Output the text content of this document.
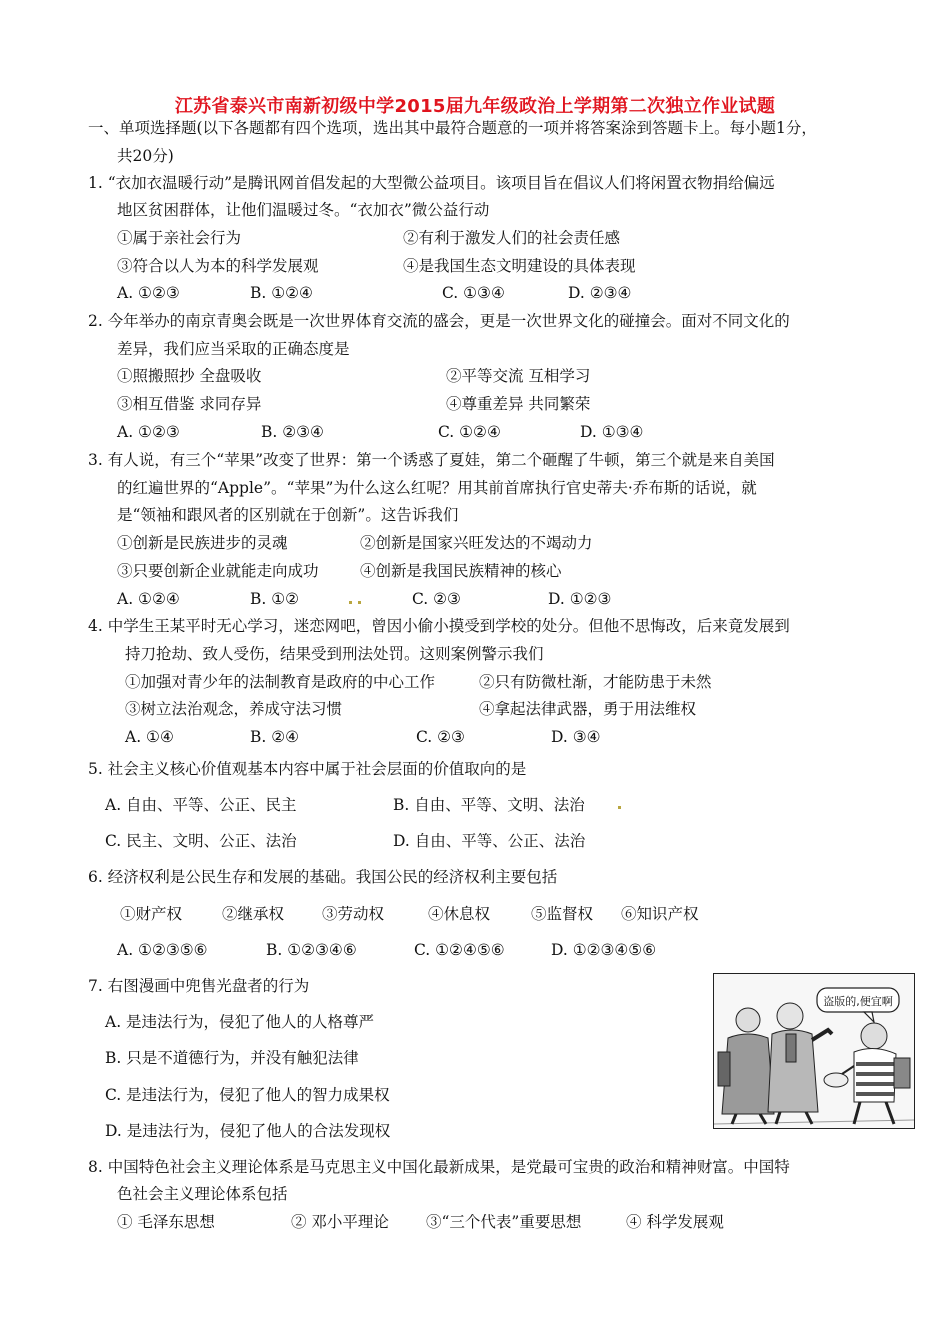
江苏省泰兴市南新初级中学2015届九年级政治上学期第二次独立作业试题
一、单项选择题(以下各题都有四个选项，选出其中最符合题意的一项并将答案涂到答题卡上。每小题1分，
共20分)
1. “衣加衣温暖行动”是腾讯网首倡发起的大型微公益项目。该项目旨在倡议人们将闲置衣物捐给偏远
地区贫困群体，让他们温暖过冬。“衣加衣”微公益行动
①属于亲社会行为	②有利于激发人们的社会责任感
③符合以人为本的科学发展观	④是我国生态文明建设的具体表现
A. ①②③	B. ①②④	C. ①③④	D. ②③④
2. 今年举办的南京青奥会既是一次世界体育交流的盛会，更是一次世界文化的碰撞会。面对不同文化的
差异，我们应当采取的正确态度是
①照搬照抄 全盘吸收	②平等交流 互相学习
③相互借鉴 求同存异	④尊重差异 共同繁荣
A. ①②③	B. ②③④	C. ①②④	D. ①③④
3. 有人说，有三个“苹果”改变了世界：第一个诱惑了夏娃，第二个砸醒了牛顿，第三个就是来自美国
的红遍世界的“Apple”。“苹果”为什么这么红呢？用其前首席执行官史蒂夫·乔布斯的话说，就
是“领袖和跟风者的区别就在于创新”。这告诉我们
①创新是民族进步的灵魂	②创新是国家兴旺发达的不竭动力
③只要创新企业就能走向成功	④创新是我国民族精神的核心
A. ①②④	B. ①②	C. ②③	D. ①②③
4. 中学生王某平时无心学习，迷恋网吧，曾因小偷小摸受到学校的处分。但他不思悔改，后来竟发展到
持刀抢劫、致人受伤，结果受到刑法处罚。这则案例警示我们
①加强对青少年的法制教育是政府的中心工作	②只有防微杜渐，才能防患于未然
③树立法治观念，养成守法习惯	④拿起法律武器，勇于用法维权
A. ①④	B. ②④	C. ②③	D. ③④
5. 社会主义核心价值观基本内容中属于社会层面的价值取向的是
A. 自由、平等、公正、民主	B. 自由、平等、文明、法治
C. 民主、文明、公正、法治	D. 自由、平等、公正、法治
6. 经济权利是公民生存和发展的基础。我国公民的经济权利主要包括
①财产权	②继承权 ③劳动权	④休息权	⑤监督权 ⑥知识产权
A. ①②③⑤⑥	B. ①②③④⑥	C. ①②④⑤⑥	D. ①②③④⑤⑥
7. 右图漫画中兜售光盘者的行为
A. 是违法行为，侵犯了他人的人格尊严
B. 只是不道德行为，并没有触犯法律
C. 是违法行为，侵犯了他人的智力成果权
D. 是违法行为，侵犯了他人的合法发现权
盗版的,便宜啊
8. 中国特色社会主义理论体系是马克思主义中国化最新成果，是党最可宝贵的政治和精神财富。中国特
色社会主义理论体系包括
① 毛泽东思想	② 邓小平理论 ③“三个代表”重要思想	④ 科学发展观
